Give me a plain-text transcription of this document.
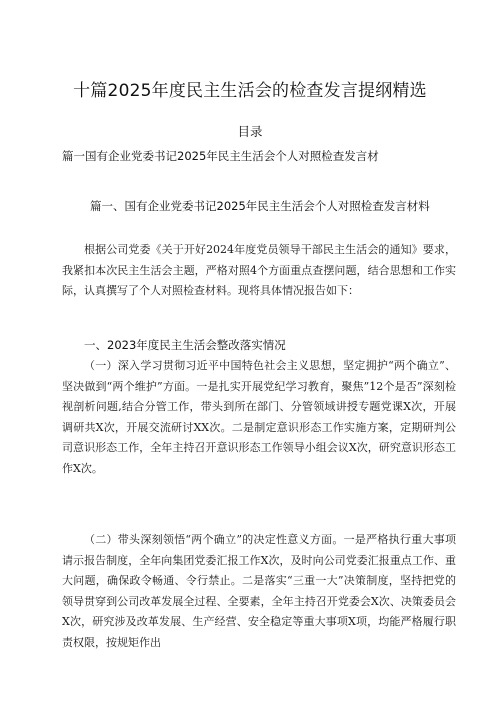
十篇2025年度民主生活会的检查发言提纲精选
目录
篇一国有企业党委书记2025年民主生活会个人对照检查发言材
篇一、国有企业党委书记2025年民主生活会个人对照检查发言材料

根据公司党委《关于开好2024年度党员领导干部民主生活会的通知》要求，我紧扣本次民主生活会主题，严格对照4个方面重点查摆问题，结合思想和工作实际，认真撰写了个人对照检查材料。现将具体情况报告如下：

一、2023年度民主生活会整改落实情况

（一）深入学习贯彻习近平中国特色社会主义思想，坚定拥护“两个确立”、坚决做到“两个维护”方面。一是扎实开展党纪学习教育，聚焦”12个是否”深刻检视剖析问题,结合分管工作，带头到所在部门、分管领域讲授专题党课X次，开展调研共X次，开展交流研讨XX次。二是制定意识形态工作实施方案，定期研判公司意识形态工作，全年主持召开意识形态工作领导小组会议X次，研究意识形态工作X次。

（二）带头深刻领悟“两个确立”的决定性意义方面。一是严格执行重大事项请示报告制度，全年向集团党委汇报工作X次，及时向公司党委汇报重点工作、重大问题，确保政令畅通、令行禁止。二是落实“三重一大”决策制度，坚持把党的领导贯穿到公司改革发展全过程、全要素，全年主持召开党委会X次、决策委员会X次，研究涉及改革发展、生产经营、安全稳定等重大事项X项，均能严格履行职责权限，按规矩作出
